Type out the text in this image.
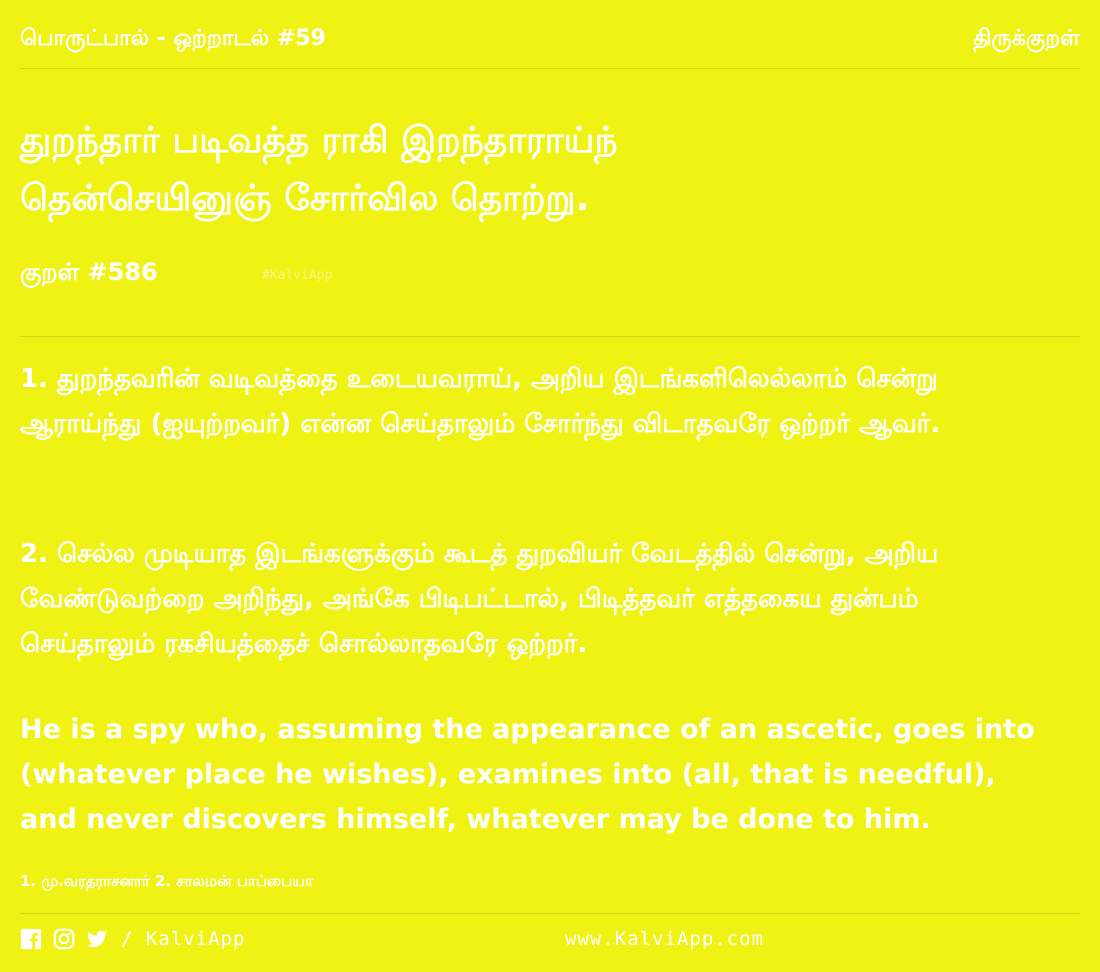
பொருட்பால் - ஒற்றாடல் #59	திருக்குறள்
துறந்தார் படிவத்த ராகி இறந்தாராய்ந்
தென்செயினுஞ் சோர்வில தொற்று.
குறள் #586	#KalviApp
1. துறந்தவரின் வடிவத்தை உடையவராய், அறிய இடங்களிலெல்லாம் சென்று ஆராய்ந்து (ஐயுற்றவர்) என்ன செய்தாலும் சோர்ந்து விடாதவரே ஒற்றர் ஆவர்.
2. செல்ல முடியாத இடங்களுக்கும் கூடத் துறவியர் வேடத்தில் சென்று, அறிய வேண்டுவற்றை அறிந்து, அங்கே பிடிபட்டால், பிடித்தவர் எத்தகைய துன்பம் செய்தாலும் ரகசியத்தைச் சொல்லாதவரே ஒற்றர்.
He is a spy who, assuming the appearance of an ascetic, goes into (whatever place he wishes), examines into (all, that is needful), and never discovers himself, whatever may be done to him.
1. மு.வரதராசனார் 2. சாலமன் பாப்பையா
/ KalviApp	www.KalviApp.com
